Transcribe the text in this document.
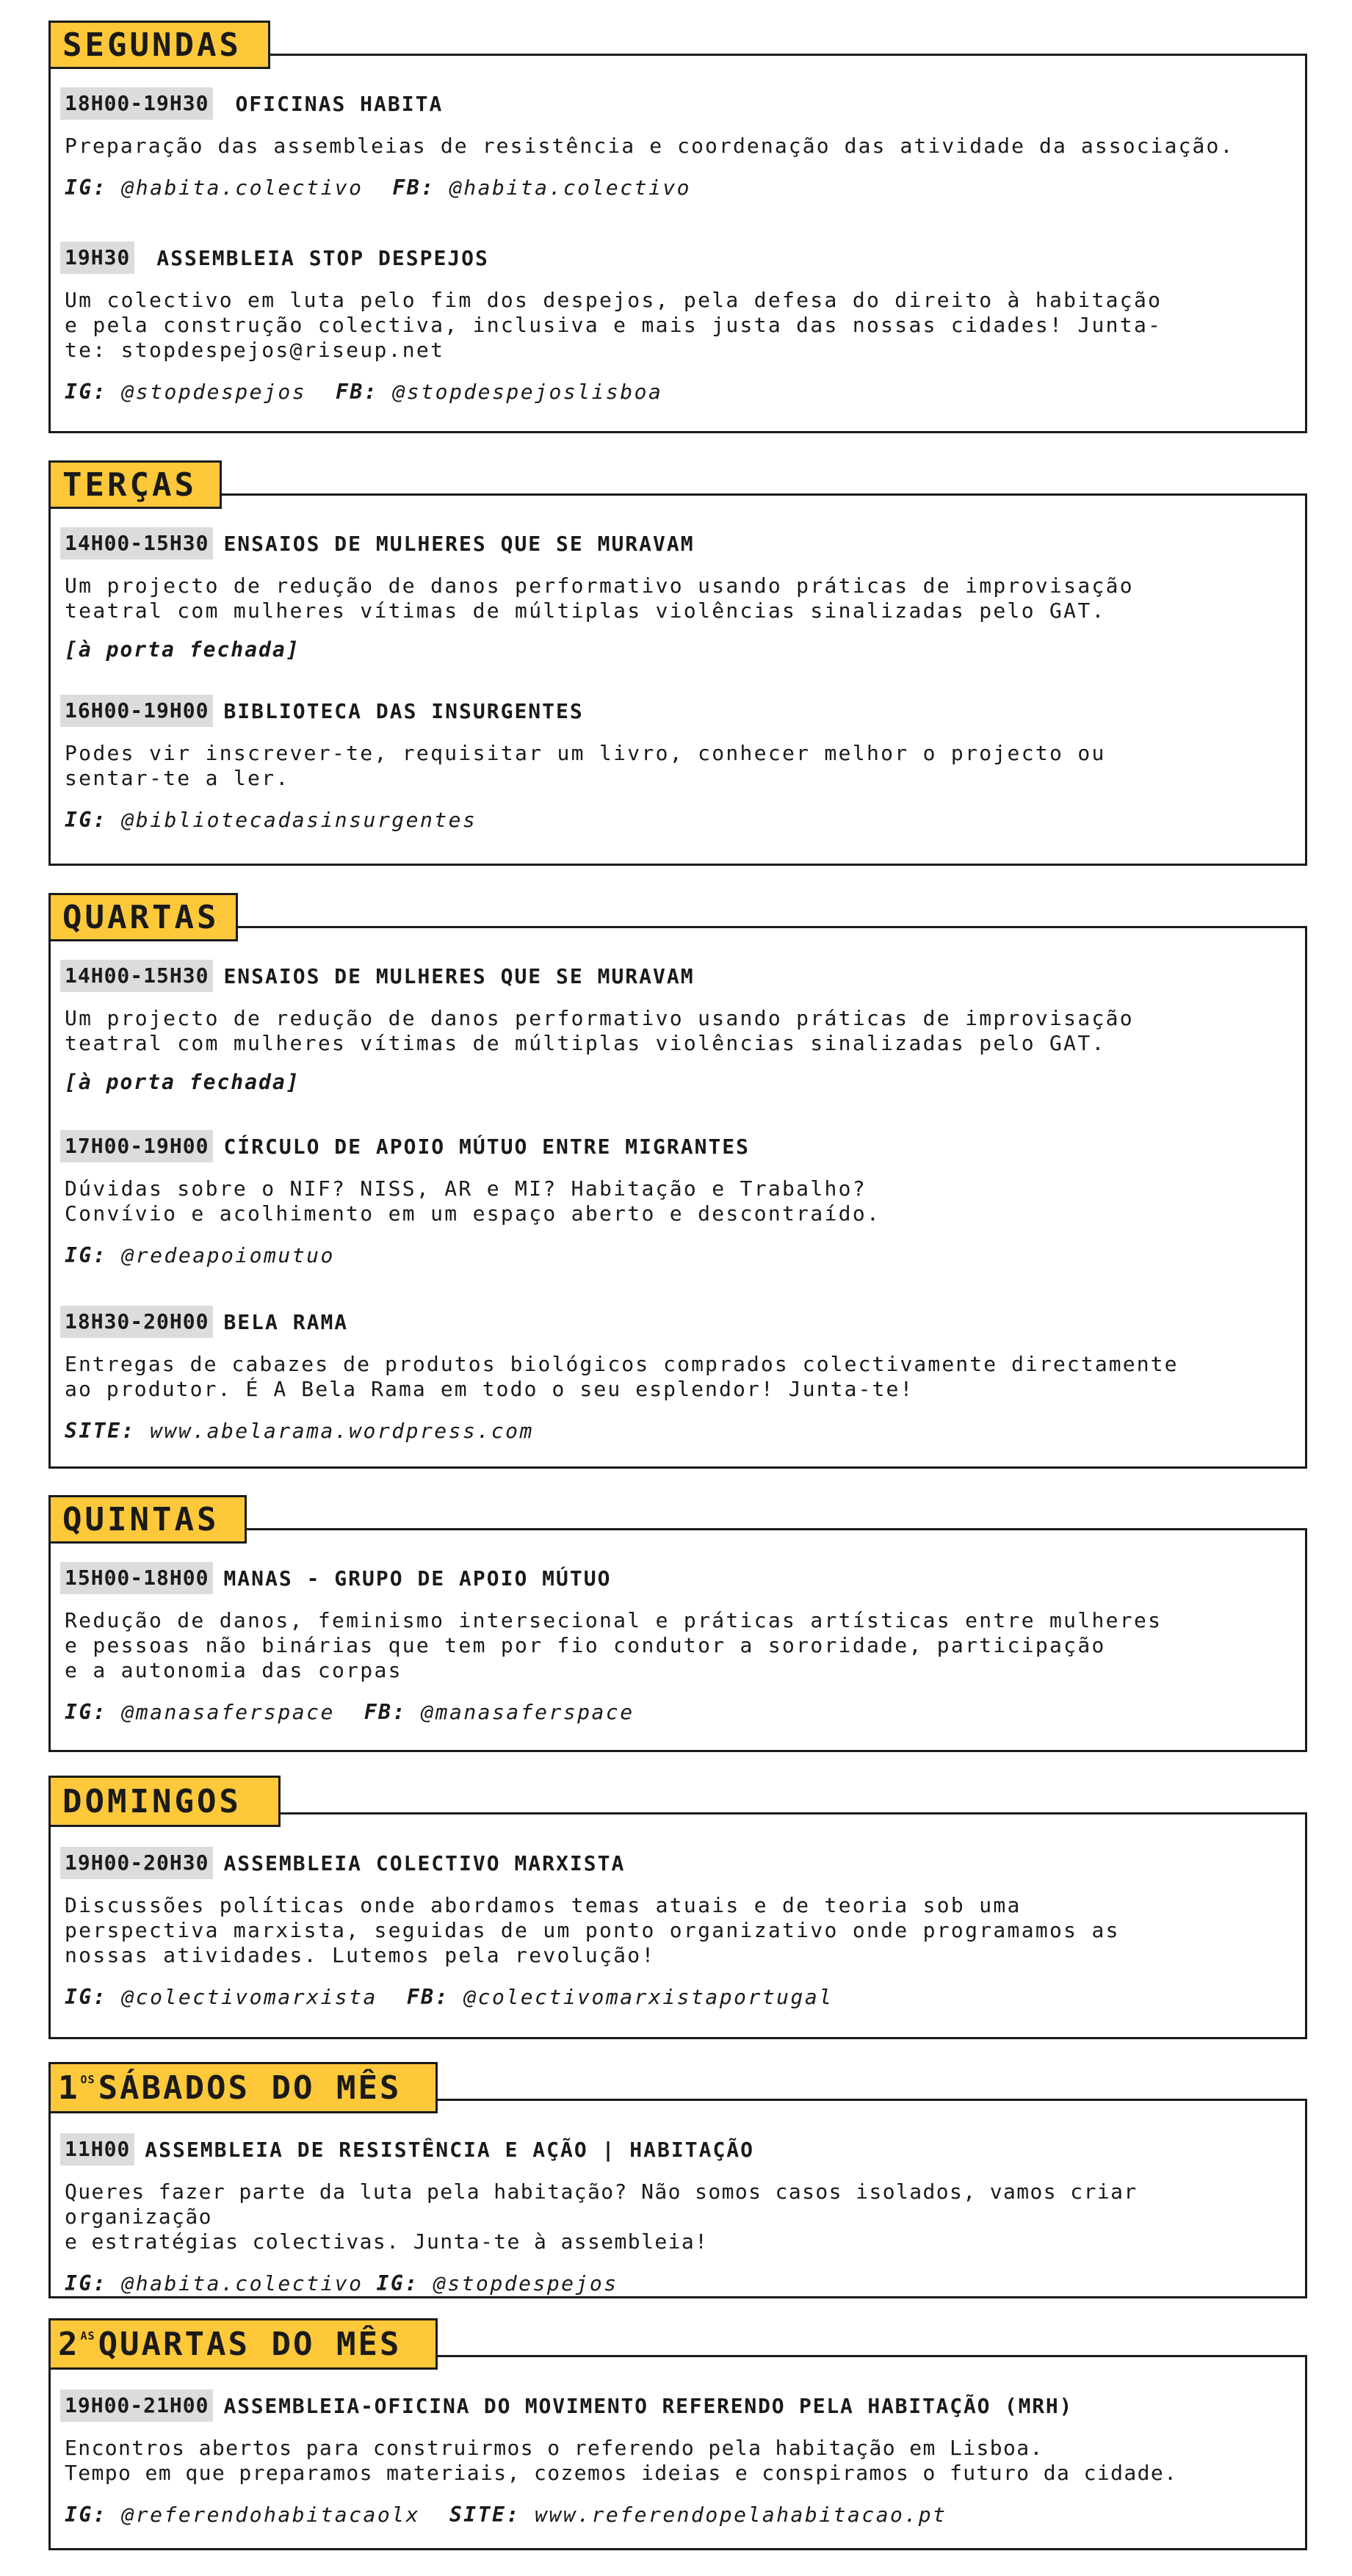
SEGUNDAS
18H00-19H30 OFICINAS HABITA
Preparação das assembleias de resistência e coordenação das atividade da associação.
IG: @habita.colectivo FB: @habita.colectivo
19H30 ASSEMBLEIA STOP DESPEJOS
Um colectivo em luta pelo fim dos despejos, pela defesa do direito à habitação
e pela construção colectiva, inclusiva e mais justa das nossas cidades! Junta-
te: stopdespejos@riseup.net
IG: @stopdespejos FB: @stopdespejoslisboa
TERÇAS
14H00-15H30 ENSAIOS DE MULHERES QUE SE MURAVAM
Um projecto de redução de danos performativo usando práticas de improvisação
teatral com mulheres vítimas de múltiplas violências sinalizadas pelo GAT.
[à porta fechada]
16H00-19H00 BIBLIOTECA DAS INSURGENTES
Podes vir inscrever-te, requisitar um livro, conhecer melhor o projecto ou
sentar-te a ler.
IG: @bibliotecadasinsurgentes
QUARTAS
14H00-15H30 ENSAIOS DE MULHERES QUE SE MURAVAM
Um projecto de redução de danos performativo usando práticas de improvisação
teatral com mulheres vítimas de múltiplas violências sinalizadas pelo GAT.
[à porta fechada]
17H00-19H00 CÍRCULO DE APOIO MÚTUO ENTRE MIGRANTES
Dúvidas sobre o NIF? NISS, AR e MI? Habitação e Trabalho?
Convívio e acolhimento em um espaço aberto e descontraído.
IG: @redeapoiomutuo
18H30-20H00 BELA RAMA
Entregas de cabazes de produtos biológicos comprados colectivamente directamente
ao produtor. É A Bela Rama em todo o seu esplendor! Junta-te!
SITE: www.abelarama.wordpress.com
QUINTAS
15H00-18H00 MANAS - GRUPO DE APOIO MÚTUO
Redução de danos, feminismo intersecional e práticas artísticas entre mulheres
e pessoas não binárias que tem por fio condutor a sororidade, participação
e a autonomia das corpas
IG: @manasaferspace FB: @manasaferspace
DOMINGOS
19H00-20H30 ASSEMBLEIA COLECTIVO MARXISTA
Discussões políticas onde abordamos temas atuais e de teoria sob uma
perspectiva marxista, seguidas de um ponto organizativo onde programamos as
nossas atividades. Lutemos pela revolução!
IG: @colectivomarxista FB: @colectivomarxistaportugal
$1^{OS}$ SÁBADOS DO MÊS
11H00 ASSEMBLEIA DE RESISTÊNCIA E AÇÃO | HABITAÇÃO
Queres fazer parte da luta pela habitação? Não somos casos isolados, vamos criar organização
e estratégias colectivas. Junta-te à assembleia!
IG: @habita.colectivo IG: @stopdespejos
$2^{AS}$ QUARTAS DO MÊS
19H00-21H00 ASSEMBLEIA-OFICINA DO MOVIMENTO REFERENDO PELA HABITAÇÃO (MRH)
Encontros abertos para construirmos o referendo pela habitação em Lisboa.
Tempo em que preparamos materiais, cozemos ideias e conspiramos o futuro da cidade.
IG: @referendohabitacaolx SITE: www.referendopelahabitacao.pt
